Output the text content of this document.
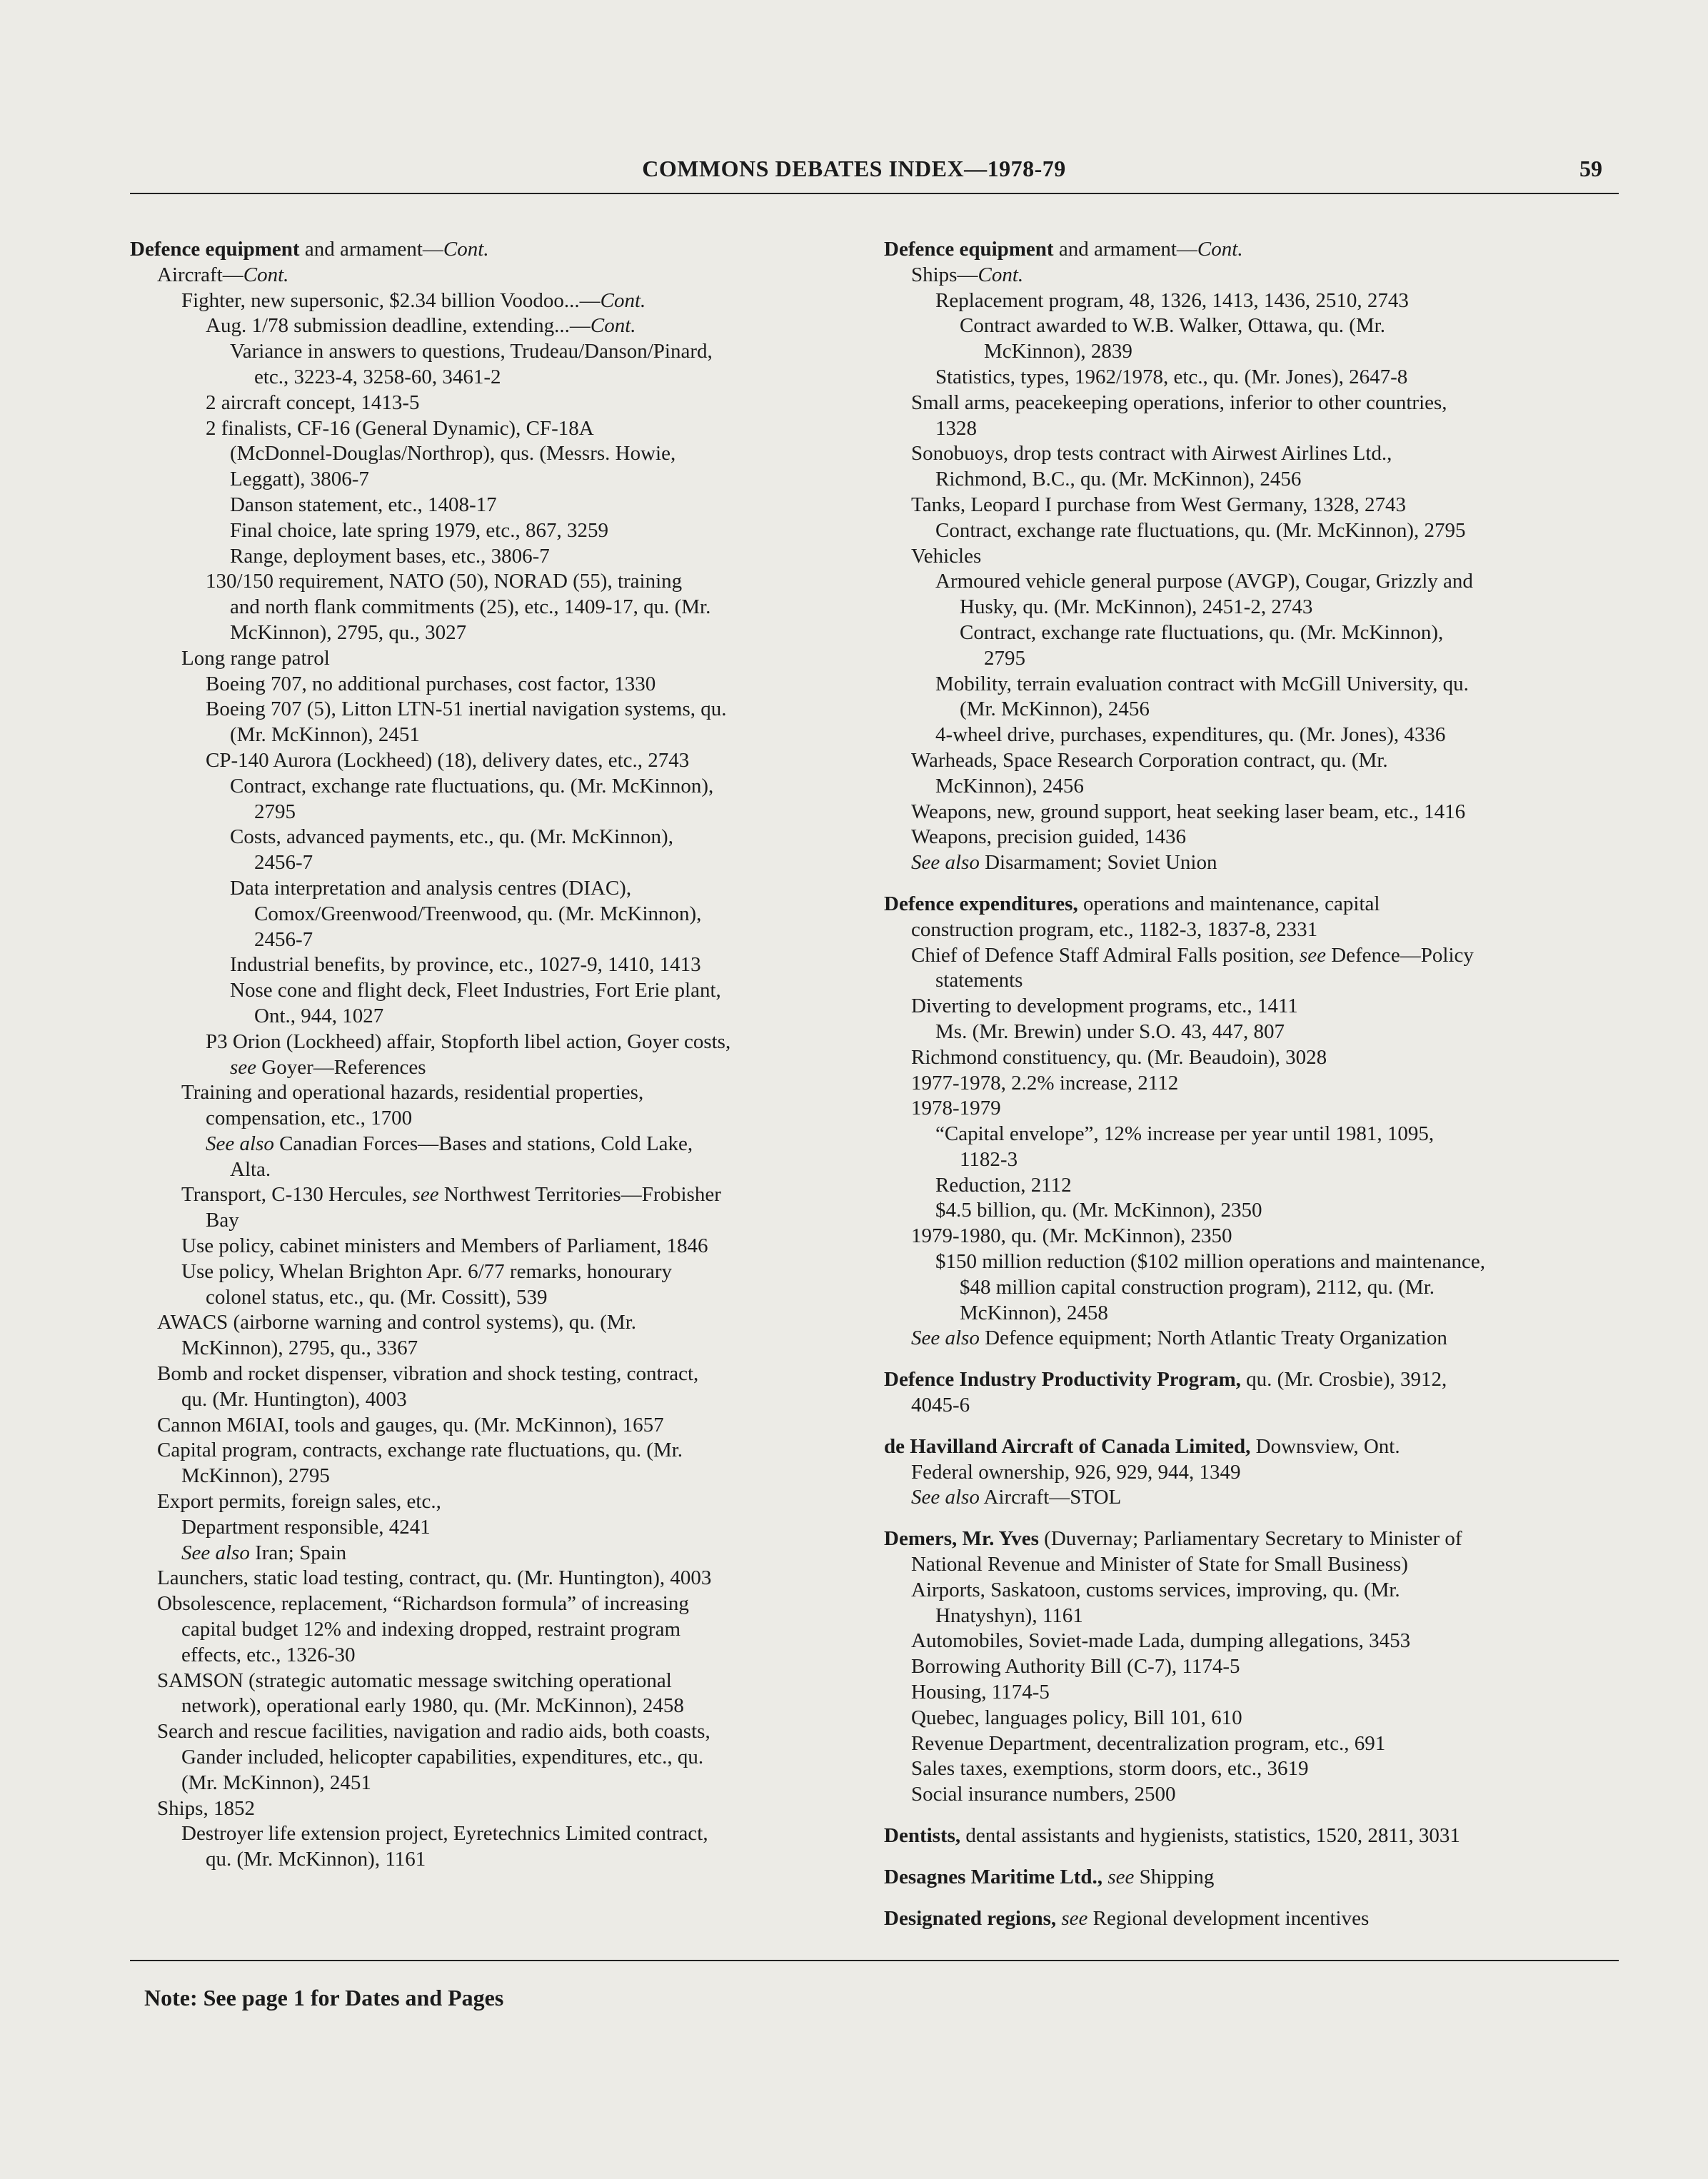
COMMONS DEBATES INDEX—1978-79	59
Defence equipment and armament—Cont.
Aircraft—Cont.
Fighter, new supersonic, $2.34 billion Voodoo...—Cont.
Aug. 1/78 submission deadline, extending...—Cont.
Variance in answers to questions, Trudeau/Danson/Pinard,
etc., 3223-4, 3258-60, 3461-2
2 aircraft concept, 1413-5
2 finalists, CF-16 (General Dynamic), CF-18A
(McDonnel-Douglas/Northrop), qus. (Messrs. Howie,
Leggatt), 3806-7
Danson statement, etc., 1408-17
Final choice, late spring 1979, etc., 867, 3259
Range, deployment bases, etc., 3806-7
130/150 requirement, NATO (50), NORAD (55), training
and north flank commitments (25), etc., 1409-17, qu. (Mr.
McKinnon), 2795, qu., 3027
Long range patrol
Boeing 707, no additional purchases, cost factor, 1330
Boeing 707 (5), Litton LTN-51 inertial navigation systems, qu.
(Mr. McKinnon), 2451
CP-140 Aurora (Lockheed) (18), delivery dates, etc., 2743
Contract, exchange rate fluctuations, qu. (Mr. McKinnon),
2795
Costs, advanced payments, etc., qu. (Mr. McKinnon),
2456-7
Data interpretation and analysis centres (DIAC),
Comox/Greenwood/Treenwood, qu. (Mr. McKinnon),
2456-7
Industrial benefits, by province, etc., 1027-9, 1410, 1413
Nose cone and flight deck, Fleet Industries, Fort Erie plant,
Ont., 944, 1027
P3 Orion (Lockheed) affair, Stopforth libel action, Goyer costs,
see Goyer—References
Training and operational hazards, residential properties,
compensation, etc., 1700
See also Canadian Forces—Bases and stations, Cold Lake,
Alta.
Transport, C-130 Hercules, see Northwest Territories—Frobisher
Bay
Use policy, cabinet ministers and Members of Parliament, 1846
Use policy, Whelan Brighton Apr. 6/77 remarks, honourary
colonel status, etc., qu. (Mr. Cossitt), 539
AWACS (airborne warning and control systems), qu. (Mr.
McKinnon), 2795, qu., 3367
Bomb and rocket dispenser, vibration and shock testing, contract,
qu. (Mr. Huntington), 4003
Cannon M6IAI, tools and gauges, qu. (Mr. McKinnon), 1657
Capital program, contracts, exchange rate fluctuations, qu. (Mr.
McKinnon), 2795
Export permits, foreign sales, etc.,
Department responsible, 4241
See also Iran; Spain
Launchers, static load testing, contract, qu. (Mr. Huntington), 4003
Obsolescence, replacement, “Richardson formula” of increasing
capital budget 12% and indexing dropped, restraint program
effects, etc., 1326-30
SAMSON (strategic automatic message switching operational
network), operational early 1980, qu. (Mr. McKinnon), 2458
Search and rescue facilities, navigation and radio aids, both coasts,
Gander included, helicopter capabilities, expenditures, etc., qu.
(Mr. McKinnon), 2451
Ships, 1852
Destroyer life extension project, Eyretechnics Limited contract,
qu. (Mr. McKinnon), 1161
Defence equipment and armament—Cont.
Ships—Cont.
Replacement program, 48, 1326, 1413, 1436, 2510, 2743
Contract awarded to W.B. Walker, Ottawa, qu. (Mr.
McKinnon), 2839
Statistics, types, 1962/1978, etc., qu. (Mr. Jones), 2647-8
Small arms, peacekeeping operations, inferior to other countries,
1328
Sonobuoys, drop tests contract with Airwest Airlines Ltd.,
Richmond, B.C., qu. (Mr. McKinnon), 2456
Tanks, Leopard I purchase from West Germany, 1328, 2743
Contract, exchange rate fluctuations, qu. (Mr. McKinnon), 2795
Vehicles
Armoured vehicle general purpose (AVGP), Cougar, Grizzly and
Husky, qu. (Mr. McKinnon), 2451-2, 2743
Contract, exchange rate fluctuations, qu. (Mr. McKinnon),
2795
Mobility, terrain evaluation contract with McGill University, qu.
(Mr. McKinnon), 2456
4-wheel drive, purchases, expenditures, qu. (Mr. Jones), 4336
Warheads, Space Research Corporation contract, qu. (Mr.
McKinnon), 2456
Weapons, new, ground support, heat seeking laser beam, etc., 1416
Weapons, precision guided, 1436
See also Disarmament; Soviet Union
Defence expenditures, operations and maintenance, capital
construction program, etc., 1182-3, 1837-8, 2331
Chief of Defence Staff Admiral Falls position, see Defence—Policy
statements
Diverting to development programs, etc., 1411
Ms. (Mr. Brewin) under S.O. 43, 447, 807
Richmond constituency, qu. (Mr. Beaudoin), 3028
1977-1978, 2.2% increase, 2112
1978-1979
“Capital envelope”, 12% increase per year until 1981, 1095,
1182-3
Reduction, 2112
$4.5 billion, qu. (Mr. McKinnon), 2350
1979-1980, qu. (Mr. McKinnon), 2350
$150 million reduction ($102 million operations and maintenance,
$48 million capital construction program), 2112, qu. (Mr.
McKinnon), 2458
See also Defence equipment; North Atlantic Treaty Organization
Defence Industry Productivity Program, qu. (Mr. Crosbie), 3912,
4045-6
de Havilland Aircraft of Canada Limited, Downsview, Ont.
Federal ownership, 926, 929, 944, 1349
See also Aircraft—STOL
Demers, Mr. Yves (Duvernay; Parliamentary Secretary to Minister of
National Revenue and Minister of State for Small Business)
Airports, Saskatoon, customs services, improving, qu. (Mr.
Hnatyshyn), 1161
Automobiles, Soviet-made Lada, dumping allegations, 3453
Borrowing Authority Bill (C-7), 1174-5
Housing, 1174-5
Quebec, languages policy, Bill 101, 610
Revenue Department, decentralization program, etc., 691
Sales taxes, exemptions, storm doors, etc., 3619
Social insurance numbers, 2500
Dentists, dental assistants and hygienists, statistics, 1520, 2811, 3031
Desagnes Maritime Ltd., see Shipping
Designated regions, see Regional development incentives
Note: See page 1 for Dates and Pages
